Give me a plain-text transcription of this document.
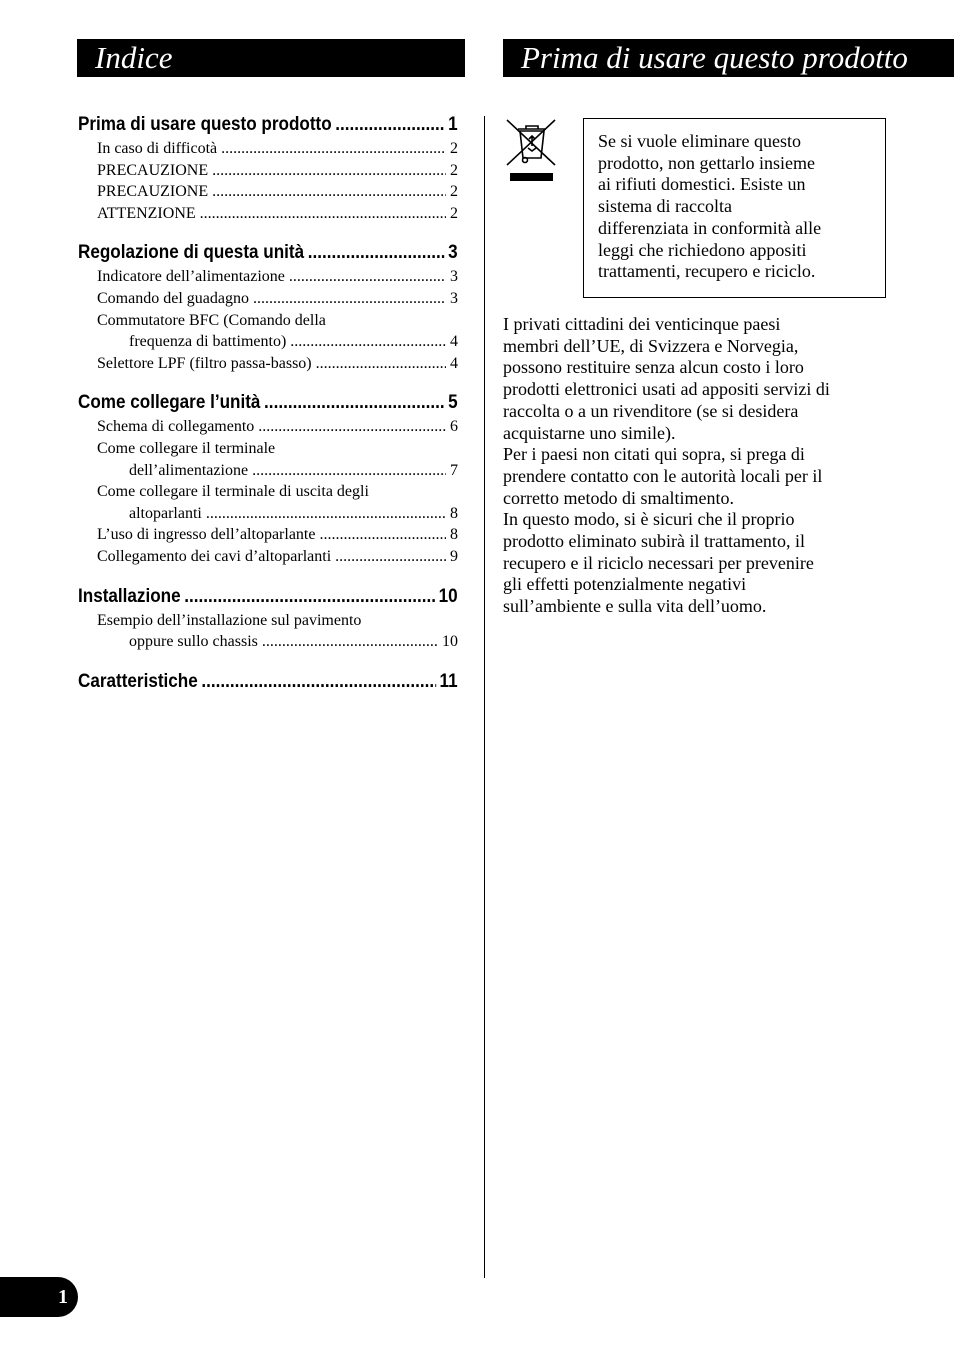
Indice	Prima di usare questo prodotto
Prima di usare questo prodotto .....	1
In caso di difficotà .....	2
PRECAUZIONE .....	2
PRECAUZIONE .....	2
ATTENZIONE .....	2
Regolazione di questa unità .....	3
Indicatore dell’alimentazione .....	3
Comando del guadagno .....	3
Commutatore BFC (Comando della
frequenza di battimento) .....	4
Selettore LPF (filtro passa-basso) .....	4
Come collegare l’unità .....	5
Schema di collegamento .....	6
Come collegare il terminale
dell’alimentazione .....	7
Come collegare il terminale di uscita degli
altoparlanti .....	8
L’uso di ingresso dell’altoparlante .....	8
Collegamento dei cavi d’altoparlanti .....	9
Installazione .....	10
Esempio dell’installazione sul pavimento
oppure sullo chassis .....	10
Caratteristiche .....	11

Se si vuole eliminare questo

prodotto, non gettarlo insieme

ai rifiuti domestici. Esiste un

sistema di raccolta

differenziata in conformità alle

leggi che richiedono appositi

trattamenti, recupero e riciclo.

I privati cittadini dei venticinque paesi

membri dell’UE, di Svizzera e Norvegia,

possono restituire senza alcun costo i loro

prodotti elettronici usati ad appositi servizi di

raccolta o a un rivenditore (se si desidera

acquistarne uno simile).

Per i paesi non citati qui sopra, si prega di

prendere contatto con le autorità locali per il

corretto metodo di smaltimento.

In questo modo, si è sicuri che il proprio

prodotto eliminato subirà il trattamento, il

recupero e il riciclo necessari per prevenire

gli effetti potenzialmente negativi

sull’ambiente e sulla vita dell’uomo.

1
